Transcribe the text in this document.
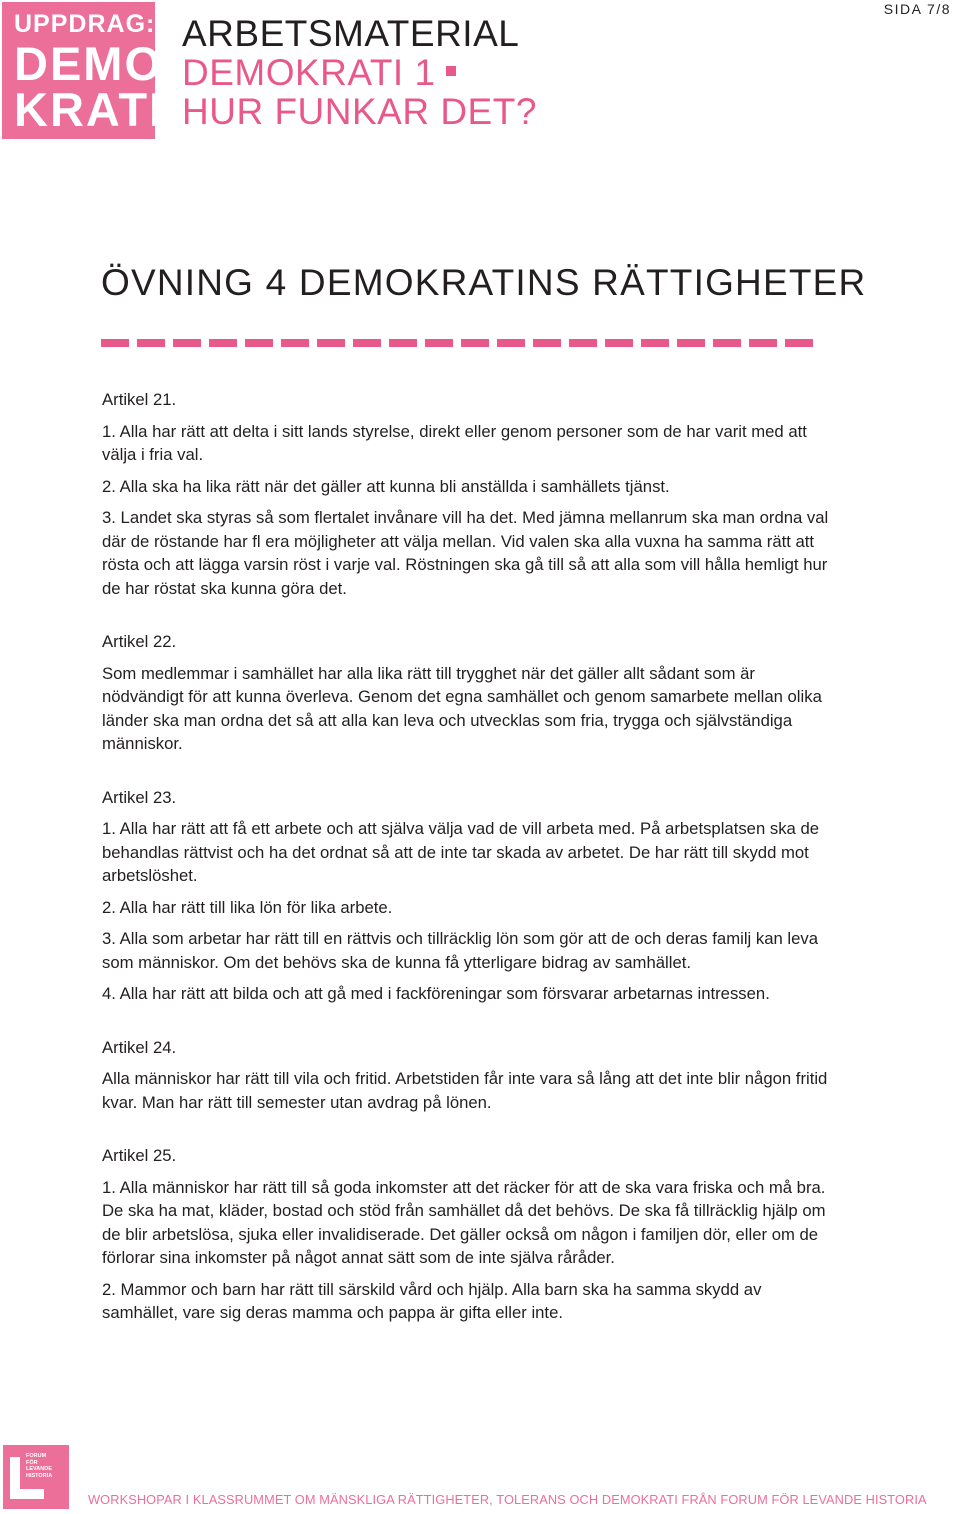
UPPDRAG:
DEMO
KRATI
ARBETSMATERIAL
DEMOKRATI 1
HUR FUNKAR DET?
SIDA 7/8
ÖVNING 4 DEMOKRATINS RÄTTIGHETER

Artikel 21.

1. Alla har rätt att delta i sitt lands styrelse, direkt eller genom personer som de har varit med att välja i fria val.

2. Alla ska ha lika rätt när det gäller att kunna bli anställda i samhällets tjänst.

3. Landet ska styras så som flertalet invånare vill ha det. Med jämna mellanrum ska man ordna val där de röstande har fl era möjligheter att välja mellan. Vid valen ska alla vuxna ha samma rätt att rösta och att lägga varsin röst i varje val. Röstningen ska gå till så att alla som vill hålla hemligt hur de har röstat ska kunna göra det.

Artikel 22.

Som medlemmar i samhället har alla lika rätt till trygghet när det gäller allt sådant som är nödvändigt för att kunna överleva. Genom det egna samhället och genom samarbete mellan olika länder ska man ordna det så att alla kan leva och utvecklas som fria, trygga och självständiga människor.

Artikel 23.

1. Alla har rätt att få ett arbete och att själva välja vad de vill arbeta med. På arbetsplatsen ska de behandlas rättvist och ha det ordnat så att de inte tar skada av arbetet. De har rätt till skydd mot arbetslöshet.

2. Alla har rätt till lika lön för lika arbete.

3. Alla som arbetar har rätt till en rättvis och tillräcklig lön som gör att de och deras familj kan leva som människor. Om det behövs ska de kunna få ytterligare bidrag av samhället.

4. Alla har rätt att bilda och att gå med i fackföreningar som försvarar arbetarnas intressen.

Artikel 24.

Alla människor har rätt till vila och fritid. Arbetstiden får inte vara så lång att det inte blir någon fritid kvar. Man har rätt till semester utan avdrag på lönen.

Artikel 25.

1. Alla människor har rätt till så goda inkomster att det räcker för att de ska vara friska och må bra. De ska ha mat, kläder, bostad och stöd från samhället då det behövs. De ska få tillräcklig hjälp om de blir arbetslösa, sjuka eller invalidiserade. Det gäller också om någon i familjen dör, eller om de förlorar sina inkomster på något annat sätt som de inte själva råråder.

2. Mammor och barn har rätt till särskild vård och hjälp. Alla barn ska ha samma skydd av samhället, vare sig deras mamma och pappa är gifta eller inte.

FORUM
FÖR
LEVANDE
HISTORIA
WORKSHOPAR I KLASSRUMMET OM MÄNSKLIGA RÄTTIGHETER, TOLERANS OCH DEMOKRATI FRÅN FORUM FÖR LEVANDE HISTORIA
